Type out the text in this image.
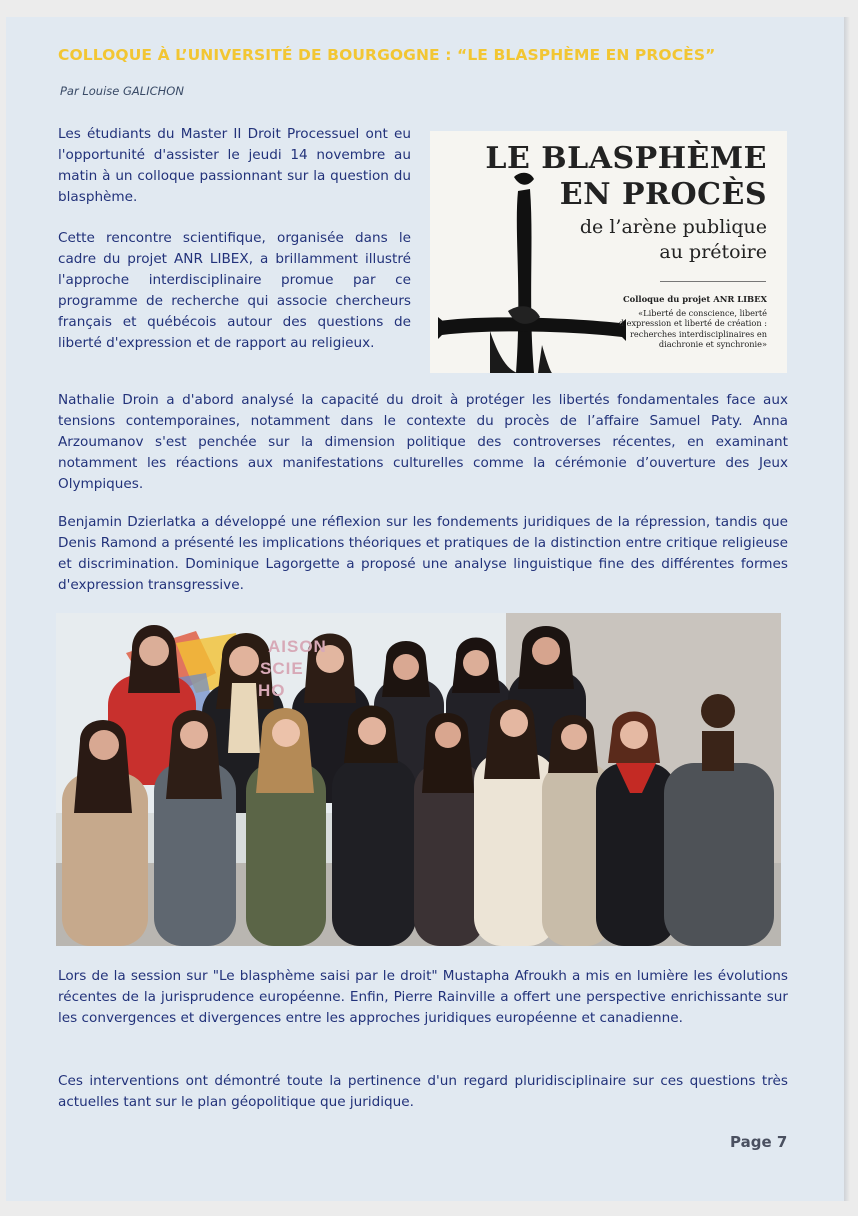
COLLOQUE À L’UNIVERSITÉ DE BOURGOGNE : “LE BLASPHÈME EN PROCÈS”
Par Louise GALICHON

Les étudiants du Master II Droit Processuel ont eu l'opportunité d'assister le jeudi 14 novembre au matin à un colloque passionnant sur la question du blasphème.

Cette rencontre scientifique, organisée dans le cadre du projet ANR LIBEX, a brillamment illustré l'approche interdisciplinaire promue par ce programme de recherche qui associe chercheurs français et québécois autour des questions de liberté d'expression et de rapport au religieux.

LE BLASPHÈME
EN PROCÈS
de l’arène publique
au prétoire
Colloque du projet ANR LIBEX
«Liberté de conscience, liberté d’expression et liberté de création : recherches interdisciplinaires en diachronie et synchronie»

Nathalie Droin a d'abord analysé la capacité du droit à protéger les libertés fondamentales face aux tensions contemporaines, notamment dans le contexte du procès de l’affaire Samuel Paty. Anna Arzoumanov s'est penchée sur la dimension politique des controverses récentes, en examinant notamment les réactions aux manifestations culturelles comme la cérémonie d’ouverture des Jeux Olympiques.

Benjamin Dzierlatka a développé une réflexion sur les fondements juridiques de la répression, tandis que Denis Ramond a présenté les implications théoriques et pratiques de la distinction entre critique religieuse et discrimination. Dominique Lagorgette a proposé une analyse linguistique fine des différentes formes d'expression transgressive.

AISON
SCIE
HO

Lors de la session sur "Le blasphème saisi par le droit" Mustapha Afroukh a mis en lumière les évolutions récentes de la jurisprudence européenne. Enfin, Pierre Rainville a offert une perspective enrichissante sur les convergences et divergences entre les approches juridiques européenne et canadienne.

Ces interventions ont démontré toute la pertinence d'un regard pluridisciplinaire sur ces questions très actuelles tant sur le plan géopolitique que juridique.

Page 7
